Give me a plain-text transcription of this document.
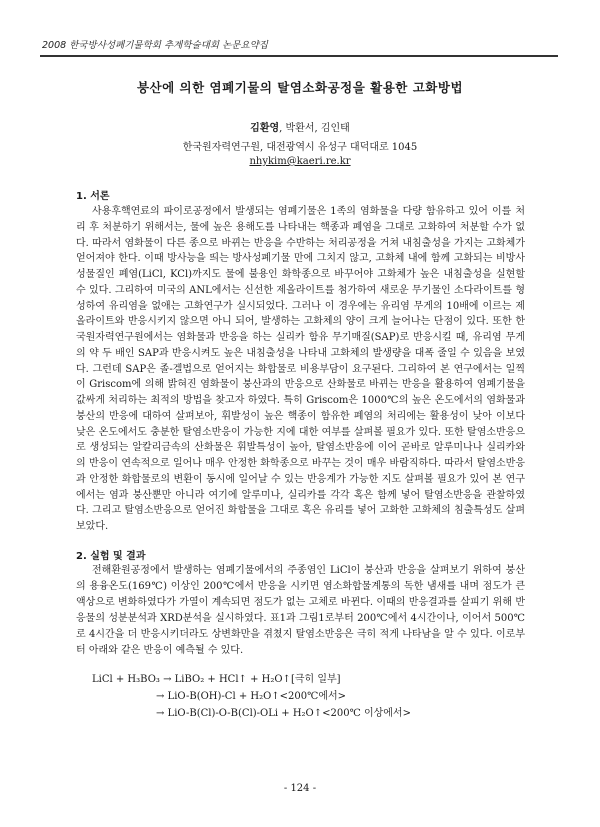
2008 한국방사성폐기물학회 추계학술대회 논문요약집
붕산에 의한 염폐기물의 탈염소화공정을 활용한 고화방법
김환영, 박환서, 김인태
한국원자력연구원, 대전광역시 유성구 대덕대로 1045
nhykim@kaeri.re.kr
1. 서론

사용후핵연료의 파이로공정에서 발생되는 염폐기물은 1족의 염화물을 다량 함유하고 있어 이를 처리 후 처분하기 위해서는, 물에 높은 용해도를 나타내는 핵종과 폐염을 그대로 고화하여 처분할 수가 없다. 따라서 염화물이 다른 종으로 바뀌는 반응을 수반하는 처리공정을 거쳐 내침출성을 가지는 고화체가 얻어져야 한다. 이때 방사능을 띄는 방사성폐기물 만에 그치지 않고, 고화체 내에 함께 고화되는 비방사성물질인 폐염(LiCl, KCl)까지도 물에 불용인 화학종으로 바꾸어야 고화체가 높은 내침출성을 실현할 수 있다. 그리하여 미국의 ANL에서는 신선한 제올라이트를 첨가하여 새로운 무기물인 소다라이트를 형성하여 유리염을 없애는 고화연구가 실시되었다. 그러나 이 경우에는 유리염 무게의 10배에 이르는 제올라이트와 반응시키지 않으면 아니 되어, 발생하는 고화체의 양이 크게 늘어나는 단점이 있다. 또한 한국원자력연구원에서는 염화물과 반응을 하는 실리카 함유 무기매질(SAP)로 반응시킬 때, 유리염 무게의 약 두 배인 SAP과 반응시켜도 높은 내침출성을 나타내 고화체의 발생량을 대폭 줄일 수 있음을 보였다. 그런데 SAP은 졸-겔법으로 얻어지는 화합물로 비용부담이 요구된다. 그리하여 본 연구에서는 일찍이 Griscom에 의해 밝혀진 염화물이 붕산과의 반응으로 산화물로 바뀌는 반응을 활용하여 염폐기물을 값싸게 처리하는 최적의 방법을 찾고자 하였다. 특히 Griscom은 1000℃의 높은 온도에서의 염화물과 붕산의 반응에 대하여 살펴보아, 휘발성이 높은 핵종이 함유한 폐염의 처리에는 활용성이 낮아 이보다 낮은 온도에서도 충분한 탈염소반응이 가능한 지에 대한 여부를 살펴볼 필요가 있다. 또한 탈염소반응으로 생성되는 알칼리금속의 산화물은 휘발특성이 높아, 탈염소반응에 이어 곧바로 알루미나나 실리카와의 반응이 연속적으로 일어나 매우 안정한 화학종으로 바꾸는 것이 매우 바람직하다. 따라서 탈염소반응과 안정한 화합물로의 변환이 동시에 일어날 수 있는 반응계가 가능한 지도 살펴볼 필요가 있어 본 연구에서는 염과 붕산뿐만 아니라 여기에 알루미나, 실리카를 각각 혹은 함께 넣어 탈염소반응을 관찰하였다. 그리고 탈염소반응으로 얻어진 화합물을 그대로 혹은 유리를 넣어 고화한 고화체의 침출특성도 살펴보았다.

2. 실험 및 결과

전해환원공정에서 발생하는 염폐기물에서의 주종염인 LiCl이 붕산과 반응을 살펴보기 위하여 붕산의 용융온도(169℃) 이상인 200℃에서 반응을 시키면 염소화합물계통의 독한 냄새를 내며 점도가 큰 액상으로 변화하였다가 가열이 계속되면 점도가 없는 고체로 바뀐다. 이때의 반응결과를 살피기 위해 반응물의 성분분석과 XRD분석을 실시하였다. 표1과 그림1로부터 200℃에서 4시간이나, 이어서 500℃로 4시간을 더 반응시키더라도 상변화만을 겪쳤지 탈염소반응은 극히 적게 나타남을 알 수 있다. 이로부터 아래와 같은 반응이 예측될 수 있다.

LiCl + H₃BO₃ → LiBO₂ + HCl↑ + H₂O↑[극히 일부]
→ LiO-B(OH)-Cl + H₂O↑<200℃에서>
→ LiO-B(Cl)-O-B(Cl)-OLi + H₂O↑<200℃ 이상에서>
- 124 -
